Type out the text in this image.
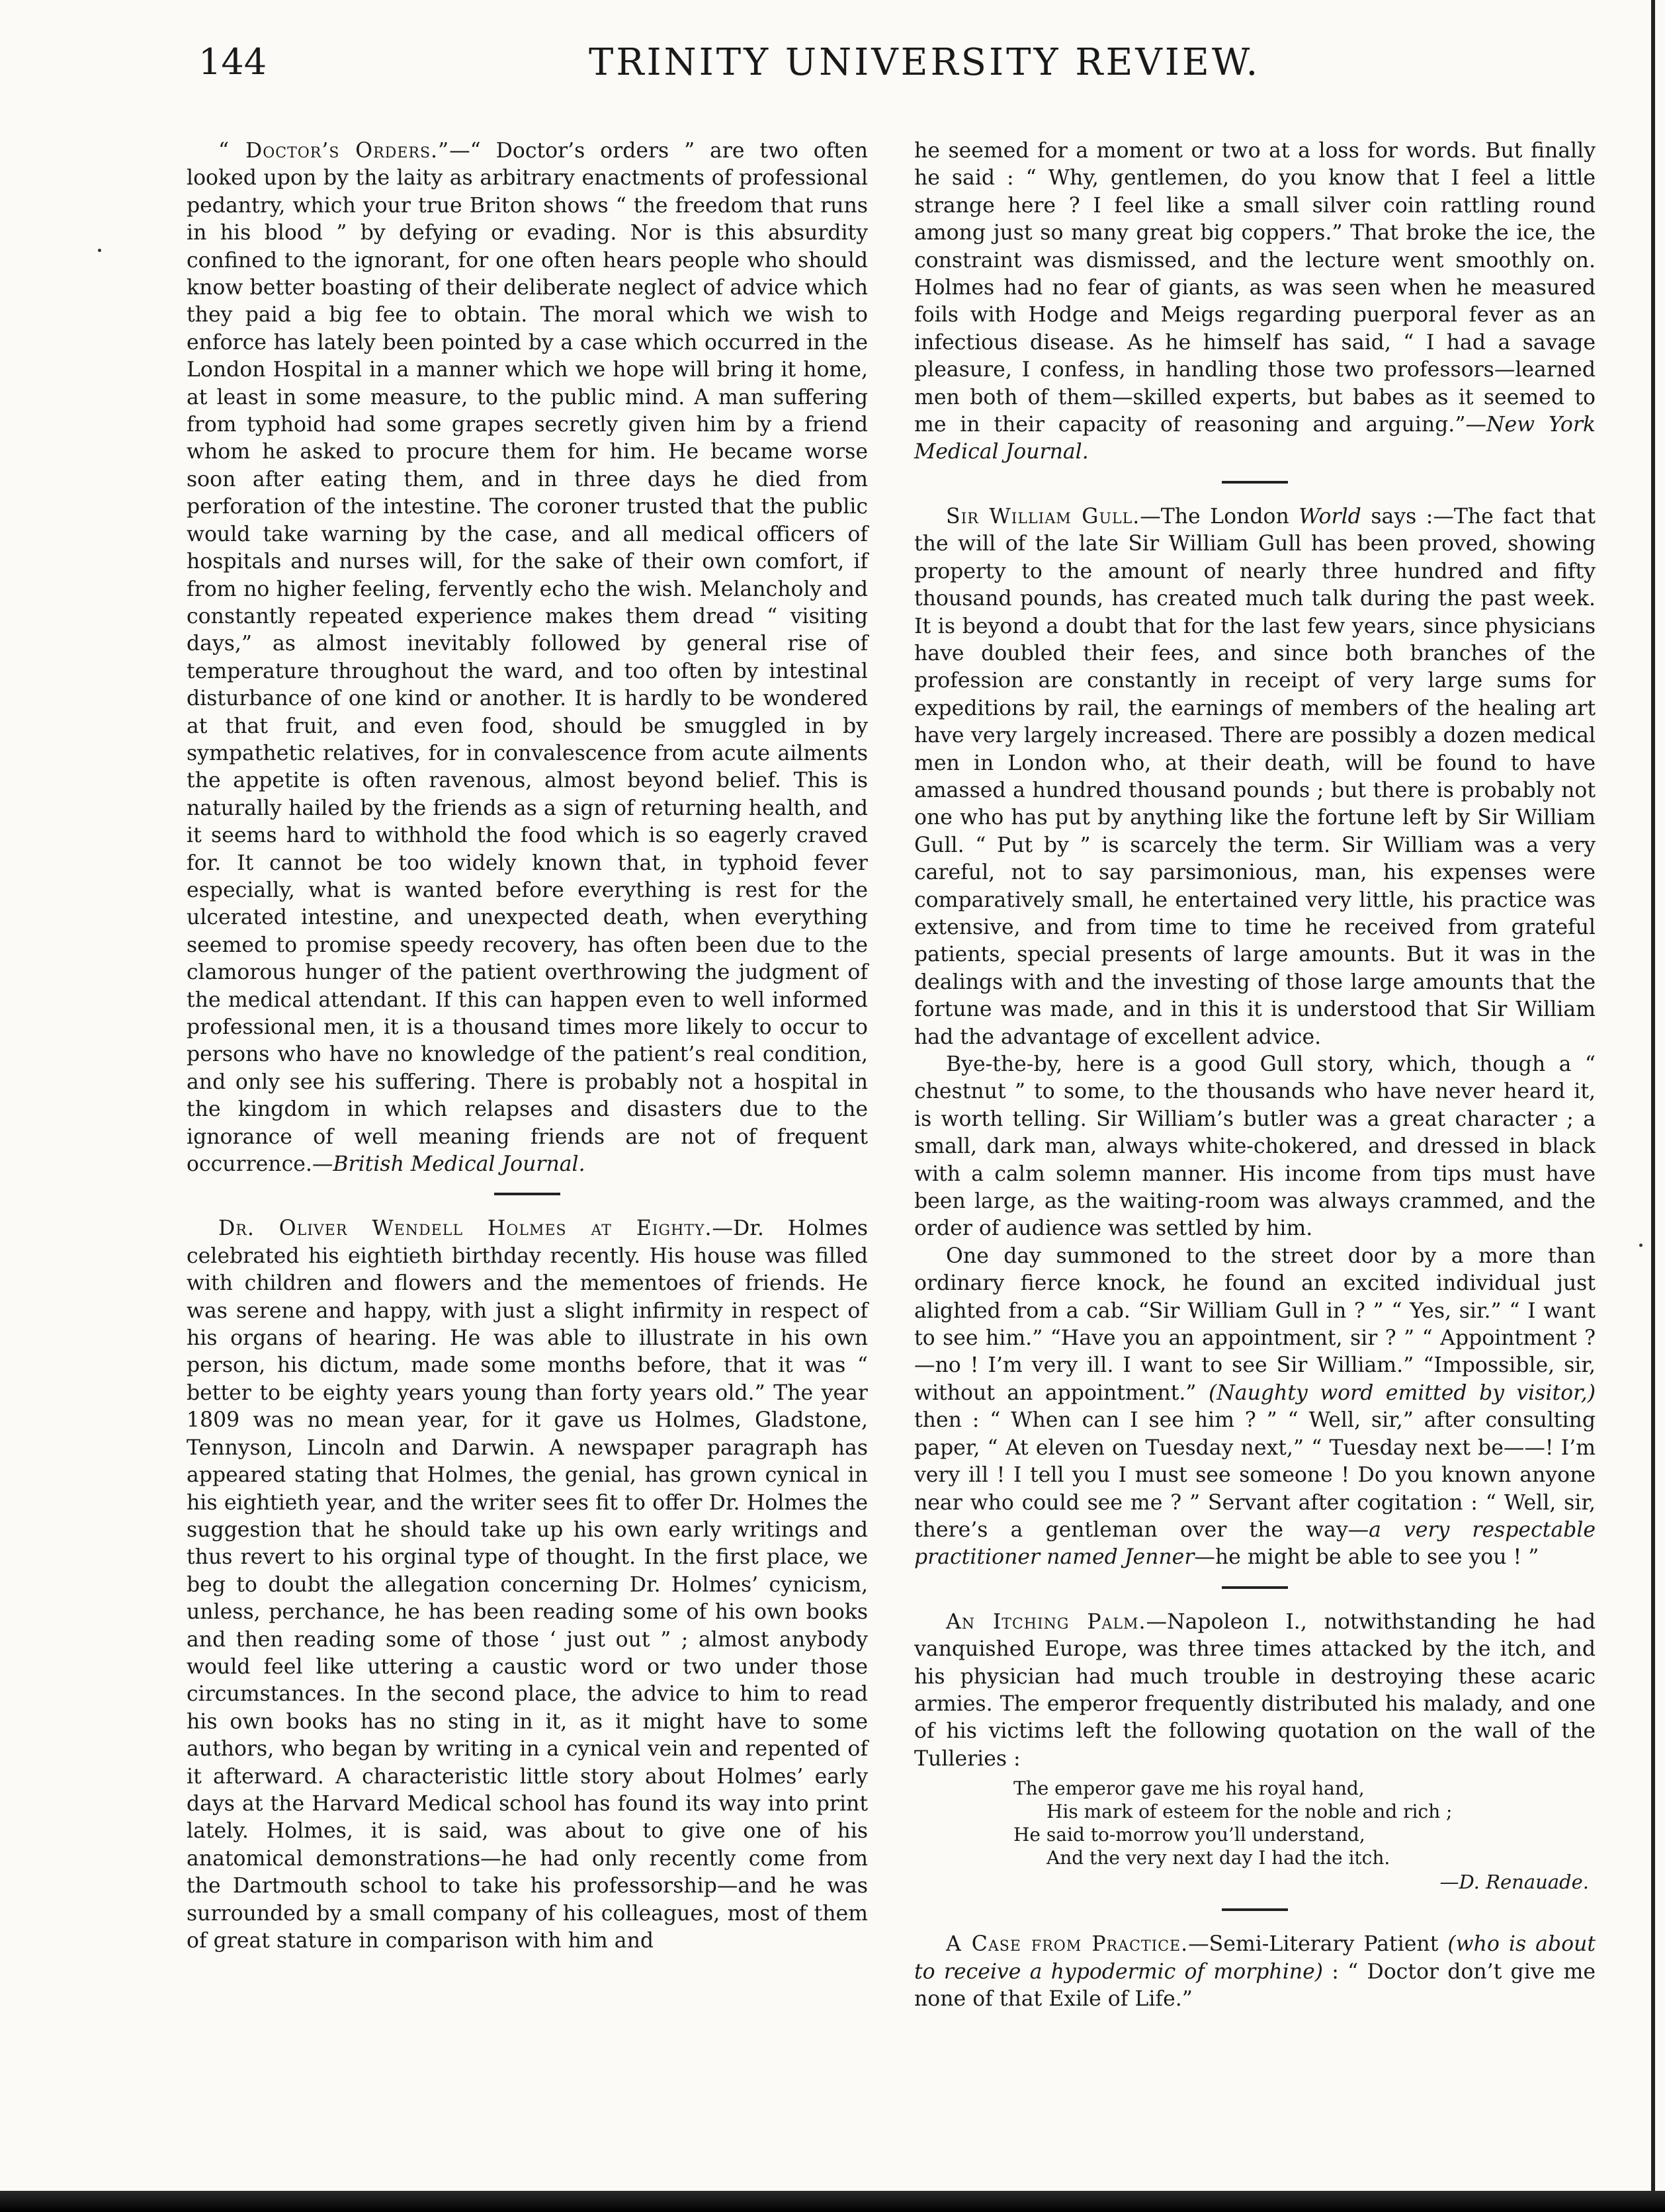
144	TRINITY UNIVERSITY REVIEW.

“ Doctor’s Orders.”—“ Doctor’s orders ” are two often looked upon by the laity as arbitrary enactments of professional pedantry, which your true Briton shows “ the freedom that runs in his blood ” by defying or evading. Nor is this absurdity confined to the ignorant, for one often hears people who should know better boasting of their deliberate neglect of advice which they paid a big fee to obtain. The moral which we wish to enforce has lately been pointed by a case which occurred in the London Hospital in a manner which we hope will bring it home, at least in some measure, to the public mind. A man suffering from typhoid had some grapes secretly given him by a friend whom he asked to procure them for him. He became worse soon after eating them, and in three days he died from perforation of the intestine. The coroner trusted that the public would take warning by the case, and all medical officers of hospitals and nurses will, for the sake of their own comfort, if from no higher feeling, fervently echo the wish. Melancholy and constantly repeated experience makes them dread “ visiting days,” as almost inevitably followed by general rise of temperature throughout the ward, and too often by intestinal disturbance of one kind or another. It is hardly to be wondered at that fruit, and even food, should be smuggled in by sympathetic relatives, for in convalescence from acute ailments the appetite is often ravenous, almost beyond belief. This is naturally hailed by the friends as a sign of returning health, and it seems hard to withhold the food which is so eagerly craved for. It cannot be too widely known that, in typhoid fever especially, what is wanted before everything is rest for the ulcerated intestine, and unexpected death, when everything seemed to promise speedy recovery, has often been due to the clamorous hunger of the patient overthrowing the judgment of the medical attendant. If this can happen even to well informed professional men, it is a thousand times more likely to occur to persons who have no knowledge of the patient’s real condition, and only see his suffering. There is probably not a hospital in the kingdom in which relapses and disasters due to the ignorance of well meaning friends are not of frequent occurrence.—British Medical Journal.

Dr. Oliver Wendell Holmes at Eighty.—Dr. Holmes celebrated his eightieth birthday recently. His house was filled with children and flowers and the mementoes of friends. He was serene and happy, with just a slight infirmity in respect of his organs of hearing. He was able to illustrate in his own person, his dictum, made some months before, that it was “ better to be eighty years young than forty years old.” The year 1809 was no mean year, for it gave us Holmes, Gladstone, Tennyson, Lincoln and Darwin. A newspaper paragraph has appeared stating that Holmes, the genial, has grown cynical in his eightieth year, and the writer sees fit to offer Dr. Holmes the suggestion that he should take up his own early writings and thus revert to his orginal type of thought. In the first place, we beg to doubt the allegation concerning Dr. Holmes’ cynicism, unless, perchance, he has been reading some of his own books and then reading some of those ‘ just out ” ; almost anybody would feel like uttering a caustic word or two under those circumstances. In the second place, the advice to him to read his own books has no sting in it, as it might have to some authors, who began by writing in a cynical vein and repented of it afterward. A characteristic little story about Holmes’ early days at the Harvard Medical school has found its way into print lately. Holmes, it is said, was about to give one of his anatomical demonstrations—he had only recently come from the Dartmouth school to take his professorship—and he was surrounded by a small company of his colleagues, most of them of great stature in comparison with him and

he seemed for a moment or two at a loss for words. But finally he said : “ Why, gentlemen, do you know that I feel a little strange here ? I feel like a small silver coin rattling round among just so many great big coppers.” That broke the ice, the constraint was dismissed, and the lecture went smoothly on. Holmes had no fear of giants, as was seen when he measured foils with Hodge and Meigs regarding puerporal fever as an infectious disease. As he himself has said, “ I had a savage pleasure, I confess, in handling those two professors—learned men both of them—skilled experts, but babes as it seemed to me in their capacity of reasoning and arguing.”—New York Medical Journal.

Sir William Gull.—The London World says :—The fact that the will of the late Sir William Gull has been proved, showing property to the amount of nearly three hundred and fifty thousand pounds, has created much talk during the past week. It is beyond a doubt that for the last few years, since physicians have doubled their fees, and since both branches of the profession are constantly in receipt of very large sums for expeditions by rail, the earnings of members of the healing art have very largely increased. There are possibly a dozen medical men in London who, at their death, will be found to have amassed a hundred thousand pounds ; but there is probably not one who has put by anything like the fortune left by Sir William Gull. “ Put by ” is scarcely the term. Sir William was a very careful, not to say parsimonious, man, his expenses were comparatively small, he entertained very little, his practice was extensive, and from time to time he received from grateful patients, special presents of large amounts. But it was in the dealings with and the investing of those large amounts that the fortune was made, and in this it is understood that Sir William had the advantage of excellent advice.

Bye-the-by, here is a good Gull story, which, though a “ chestnut ” to some, to the thousands who have never heard it, is worth telling. Sir William’s butler was a great character ; a small, dark man, always white-chokered, and dressed in black with a calm solemn manner. His income from tips must have been large, as the waiting-room was always crammed, and the order of audience was settled by him.

One day summoned to the street door by a more than ordinary fierce knock, he found an excited individual just alighted from a cab. “Sir William Gull in ? ” “ Yes, sir.” “ I want to see him.” “Have you an appointment, sir ? ” “ Appointment ?—no ! I’m very ill. I want to see Sir William.” “Impossible, sir, without an appointment.” (Naughty word emitted by visitor,) then : “ When can I see him ? ” “ Well, sir,” after consulting paper, “ At eleven on Tuesday next,” “ Tuesday next be——! I’m very ill ! I tell you I must see someone ! Do you known anyone near who could see me ? ” Servant after cogitation : “ Well, sir, there’s a gentleman over the way—a very respectable practitioner named Jenner—he might be able to see you ! ”

An Itching Palm.—Napoleon I., notwithstanding he had vanquished Europe, was three times attacked by the itch, and his physician had much trouble in destroying these acaric armies. The emperor frequently distributed his malady, and one of his victims left the following quotation on the wall of the Tulleries :

The emperor gave me his royal hand,
His mark of esteem for the noble and rich ;
He said to-morrow you’ll understand,
And the very next day I had the itch.
—D. Renauade.

A Case from Practice.—Semi-Literary Patient (who is about to receive a hypodermic of morphine) : “ Doctor don’t give me none of that Exile of Life.”
